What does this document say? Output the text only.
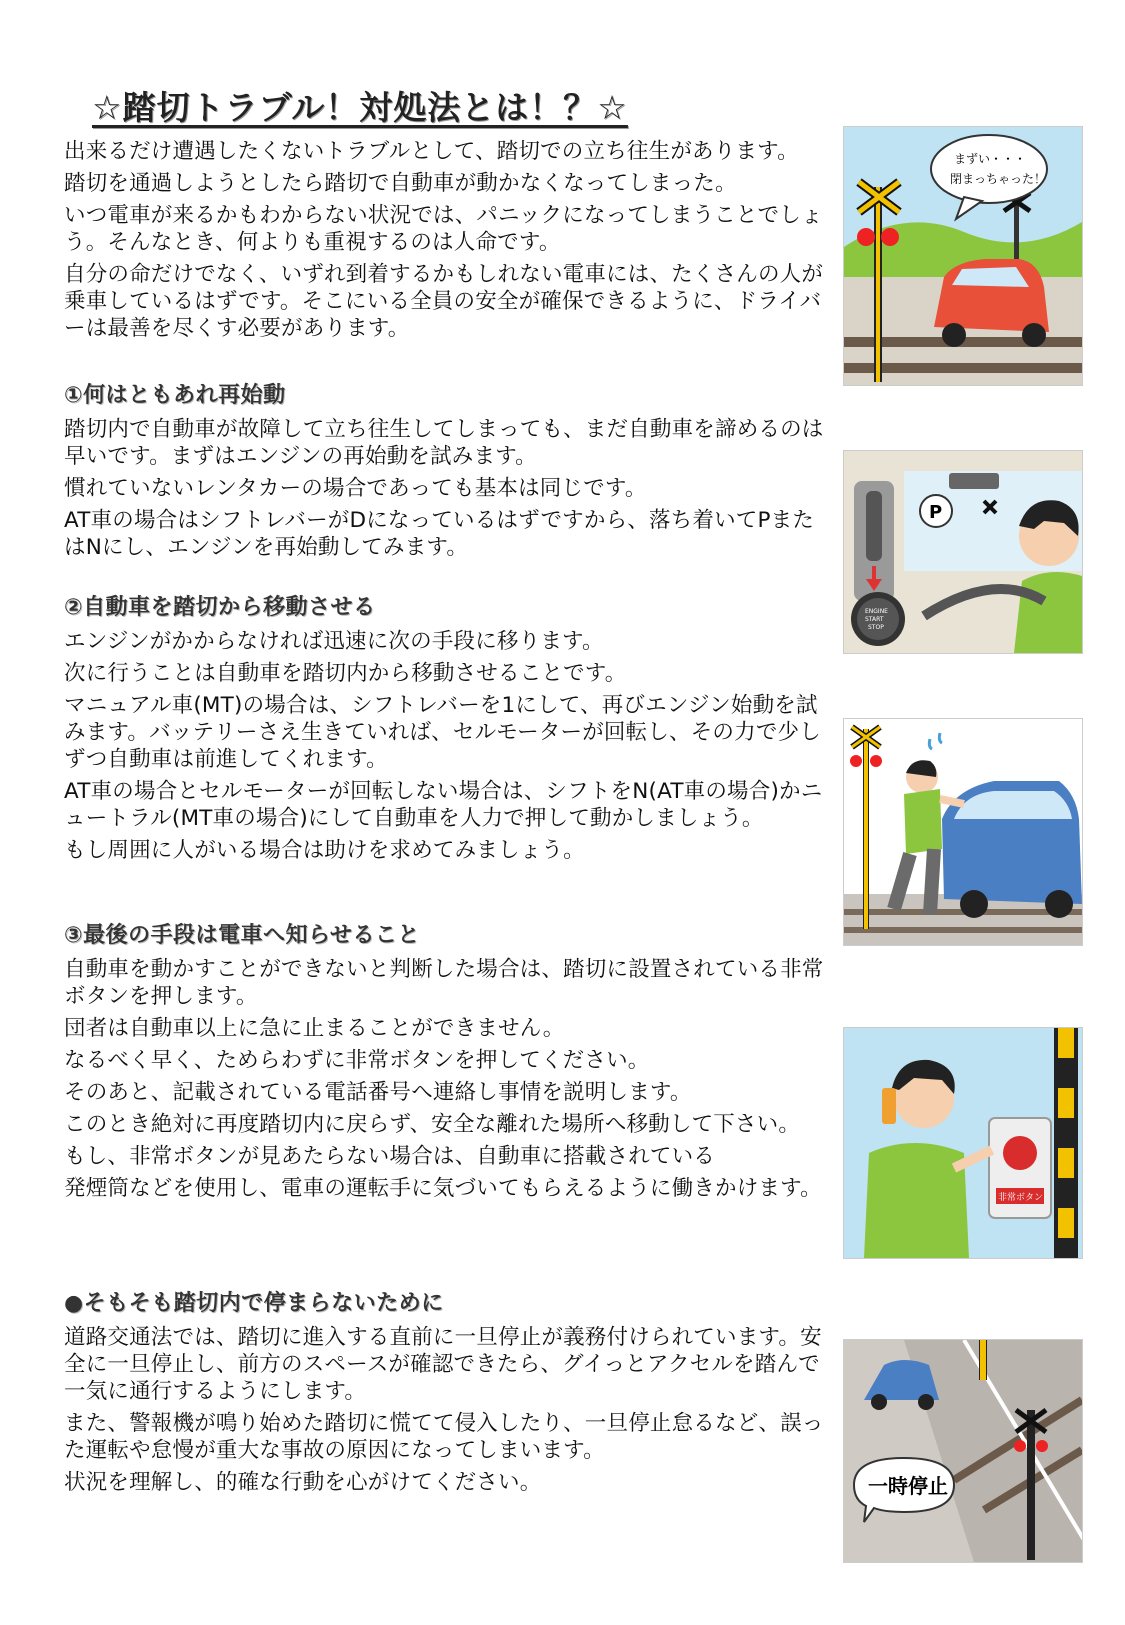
☆踏切トラブル！対処法とは！？☆

出来るだけ遭遇したくないトラブルとして、踏切での立ち往生があります。

踏切を通過しようとしたら踏切で自動車が動かなくなってしまった。

いつ電車が来るかもわからない状況では、パニックになってしまうことでしょう。そんなとき、何よりも重視するのは人命です。

自分の命だけでなく、いずれ到着するかもしれない電車には、たくさんの人が乗車しているはずです。そこにいる全員の安全が確保できるように、ドライバーは最善を尽くす必要があります。

①何はともあれ再始動

踏切内で自動車が故障して立ち往生してしまっても、まだ自動車を諦めるのは早いです。まずはエンジンの再始動を試みます。

慣れていないレンタカーの場合であっても基本は同じです。

AT車の場合はシフトレバーがDになっているはずですから、落ち着いてPまたはNにし、エンジンを再始動してみます。

②自動車を踏切から移動させる

エンジンがかからなければ迅速に次の手段に移ります。

次に行うことは自動車を踏切内から移動させることです。

マニュアル車(MT)の場合は、シフトレバーを1にして、再びエンジン始動を試みます。バッテリーさえ生きていれば、セルモーターが回転し、その力で少しずつ自動車は前進してくれます。

AT車の場合とセルモーターが回転しない場合は、シフトをN(AT車の場合)かニュートラル(MT車の場合)にして自動車を人力で押して動かしましょう。

もし周囲に人がいる場合は助けを求めてみましょう。

③最後の手段は電車へ知らせること

自動車を動かすことができないと判断した場合は、踏切に設置されている非常ボタンを押します。

団者は自動車以上に急に止まることができません。

なるべく早く、ためらわずに非常ボタンを押してください。

そのあと、記載されている電話番号へ連絡し事情を説明します。

このとき絶対に再度踏切内に戻らず、安全な離れた場所へ移動して下さい。

もし、非常ボタンが見あたらない場合は、自動車に搭載されている

発煙筒などを使用し、電車の運転手に気づいてもらえるように働きかけます。

●そもそも踏切内で停まらないために

道路交通法では、踏切に進入する直前に一旦停止が義務付けられています。安全に一旦停止し、前方のスペースが確認できたら、グイっとアクセルを踏んで一気に通行するようにします。

また、警報機が鳴り始めた踏切に慌てて侵入したり、一旦停止怠るなど、誤った運転や怠慢が重大な事故の原因になってしまいます。

状況を理解し、的確な行動を心がけてください。

まずい・・・
閉まっちゃった！
P
ENGINE
START
STOP
非常ボタン
一時停止
